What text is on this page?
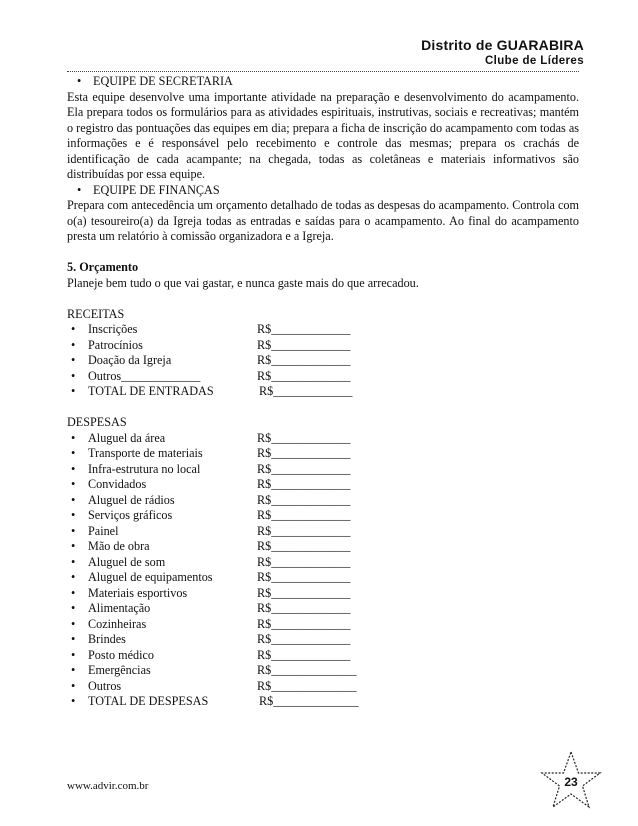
Distrito de GUARABIRA
Clube de Líderes
• EQUIPE DE SECRETARIA
Esta equipe desenvolve uma importante atividade na preparação e desenvolvimento do acampamento. Ela prepara todos os formulários para as atividades espirituais, instrutivas, sociais e recreativas; mantém o registro das pontuações das equipes em dia; prepara a ficha de inscrição do acampamento com todas as informações e é responsável pelo recebimento e controle das mesmas; prepara os crachás de identificação de cada acampante; na chegada, todas as coletâneas e materiais informativos são distribuídas por essa equipe.
• EQUIPE DE FINANÇAS
Prepara com antecedência um orçamento detalhado de todas as despesas do acampamento. Controla com o(a) tesoureiro(a) da Igreja todas as entradas e saídas para o acampamento. Ao final do acampamento presta um relatório à comissão organizadora e a Igreja.
5. Orçamento
Planeje bem tudo o que vai gastar, e nunca gaste mais do que arrecadou.
RECEITAS
• Inscrições	R$_____________
• Patrocínios	R$_____________
• Doação da Igreja	R$_____________
• Outros_____________	R$_____________
• TOTAL DE ENTRADAS	R$_____________
DESPESAS
• Aluguel da área	R$_____________
• Transporte de materiais	R$_____________
• Infra-estrutura no local	R$_____________
• Convidados	R$_____________
• Aluguel de rádios	R$_____________
• Serviços gráficos	R$_____________
• Painel	R$_____________
• Mão de obra	R$_____________
• Aluguel de som	R$_____________
• Aluguel de equipamentos	R$_____________
• Materiais esportivos	R$_____________
• Alimentação	R$_____________
• Cozinheiras	R$_____________
• Brindes	R$_____________
• Posto médico	R$_____________
• Emergências	R$______________
• Outros	R$______________
• TOTAL DE DESPESAS	R$______________
www.advir.com.br	23
